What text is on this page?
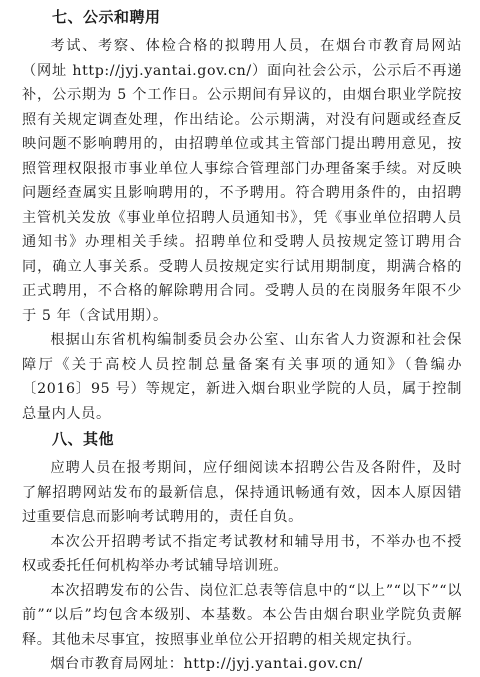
七、公示和聘用

考试、考察、体检合格的拟聘用人员，在烟台市教育局网站（网址 http://jyj.yantai.gov.cn/）面向社会公示，公示后不再递补，公示期为 5 个工作日。公示期间有异议的，由烟台职业学院按照有关规定调查处理，作出结论。公示期满，对没有问题或经查反映问题不影响聘用的，由招聘单位或其主管部门提出聘用意见，按照管理权限报市事业单位人事综合管理部门办理备案手续。对反映问题经查属实且影响聘用的，不予聘用。符合聘用条件的，由招聘主管机关发放《事业单位招聘人员通知书》，凭《事业单位招聘人员通知书》办理相关手续。招聘单位和受聘人员按规定签订聘用合同，确立人事关系。受聘人员按规定实行试用期制度，期满合格的正式聘用，不合格的解除聘用合同。受聘人员的在岗服务年限不少于 5 年（含试用期）。

根据山东省机构编制委员会办公室、山东省人力资源和社会保障厅《关于高校人员控制总量备案有关事项的通知》（鲁编办〔2016〕95 号）等规定，新进入烟台职业学院的人员，属于控制总量内人员。

八、其他

应聘人员在报考期间，应仔细阅读本招聘公告及各附件，及时了解招聘网站发布的最新信息，保持通讯畅通有效，因本人原因错过重要信息而影响考试聘用的，责任自负。

本次公开招聘考试不指定考试教材和辅导用书，不举办也不授权或委托任何机构举办考试辅导培训班。

本次招聘发布的公告、岗位汇总表等信息中的“以上”“以下”“以前”“以后”均包含本级别、本基数。本公告由烟台职业学院负责解释。其他未尽事宜，按照事业单位公开招聘的相关规定执行。

烟台市教育局网址：http://jyj.yantai.gov.cn/
